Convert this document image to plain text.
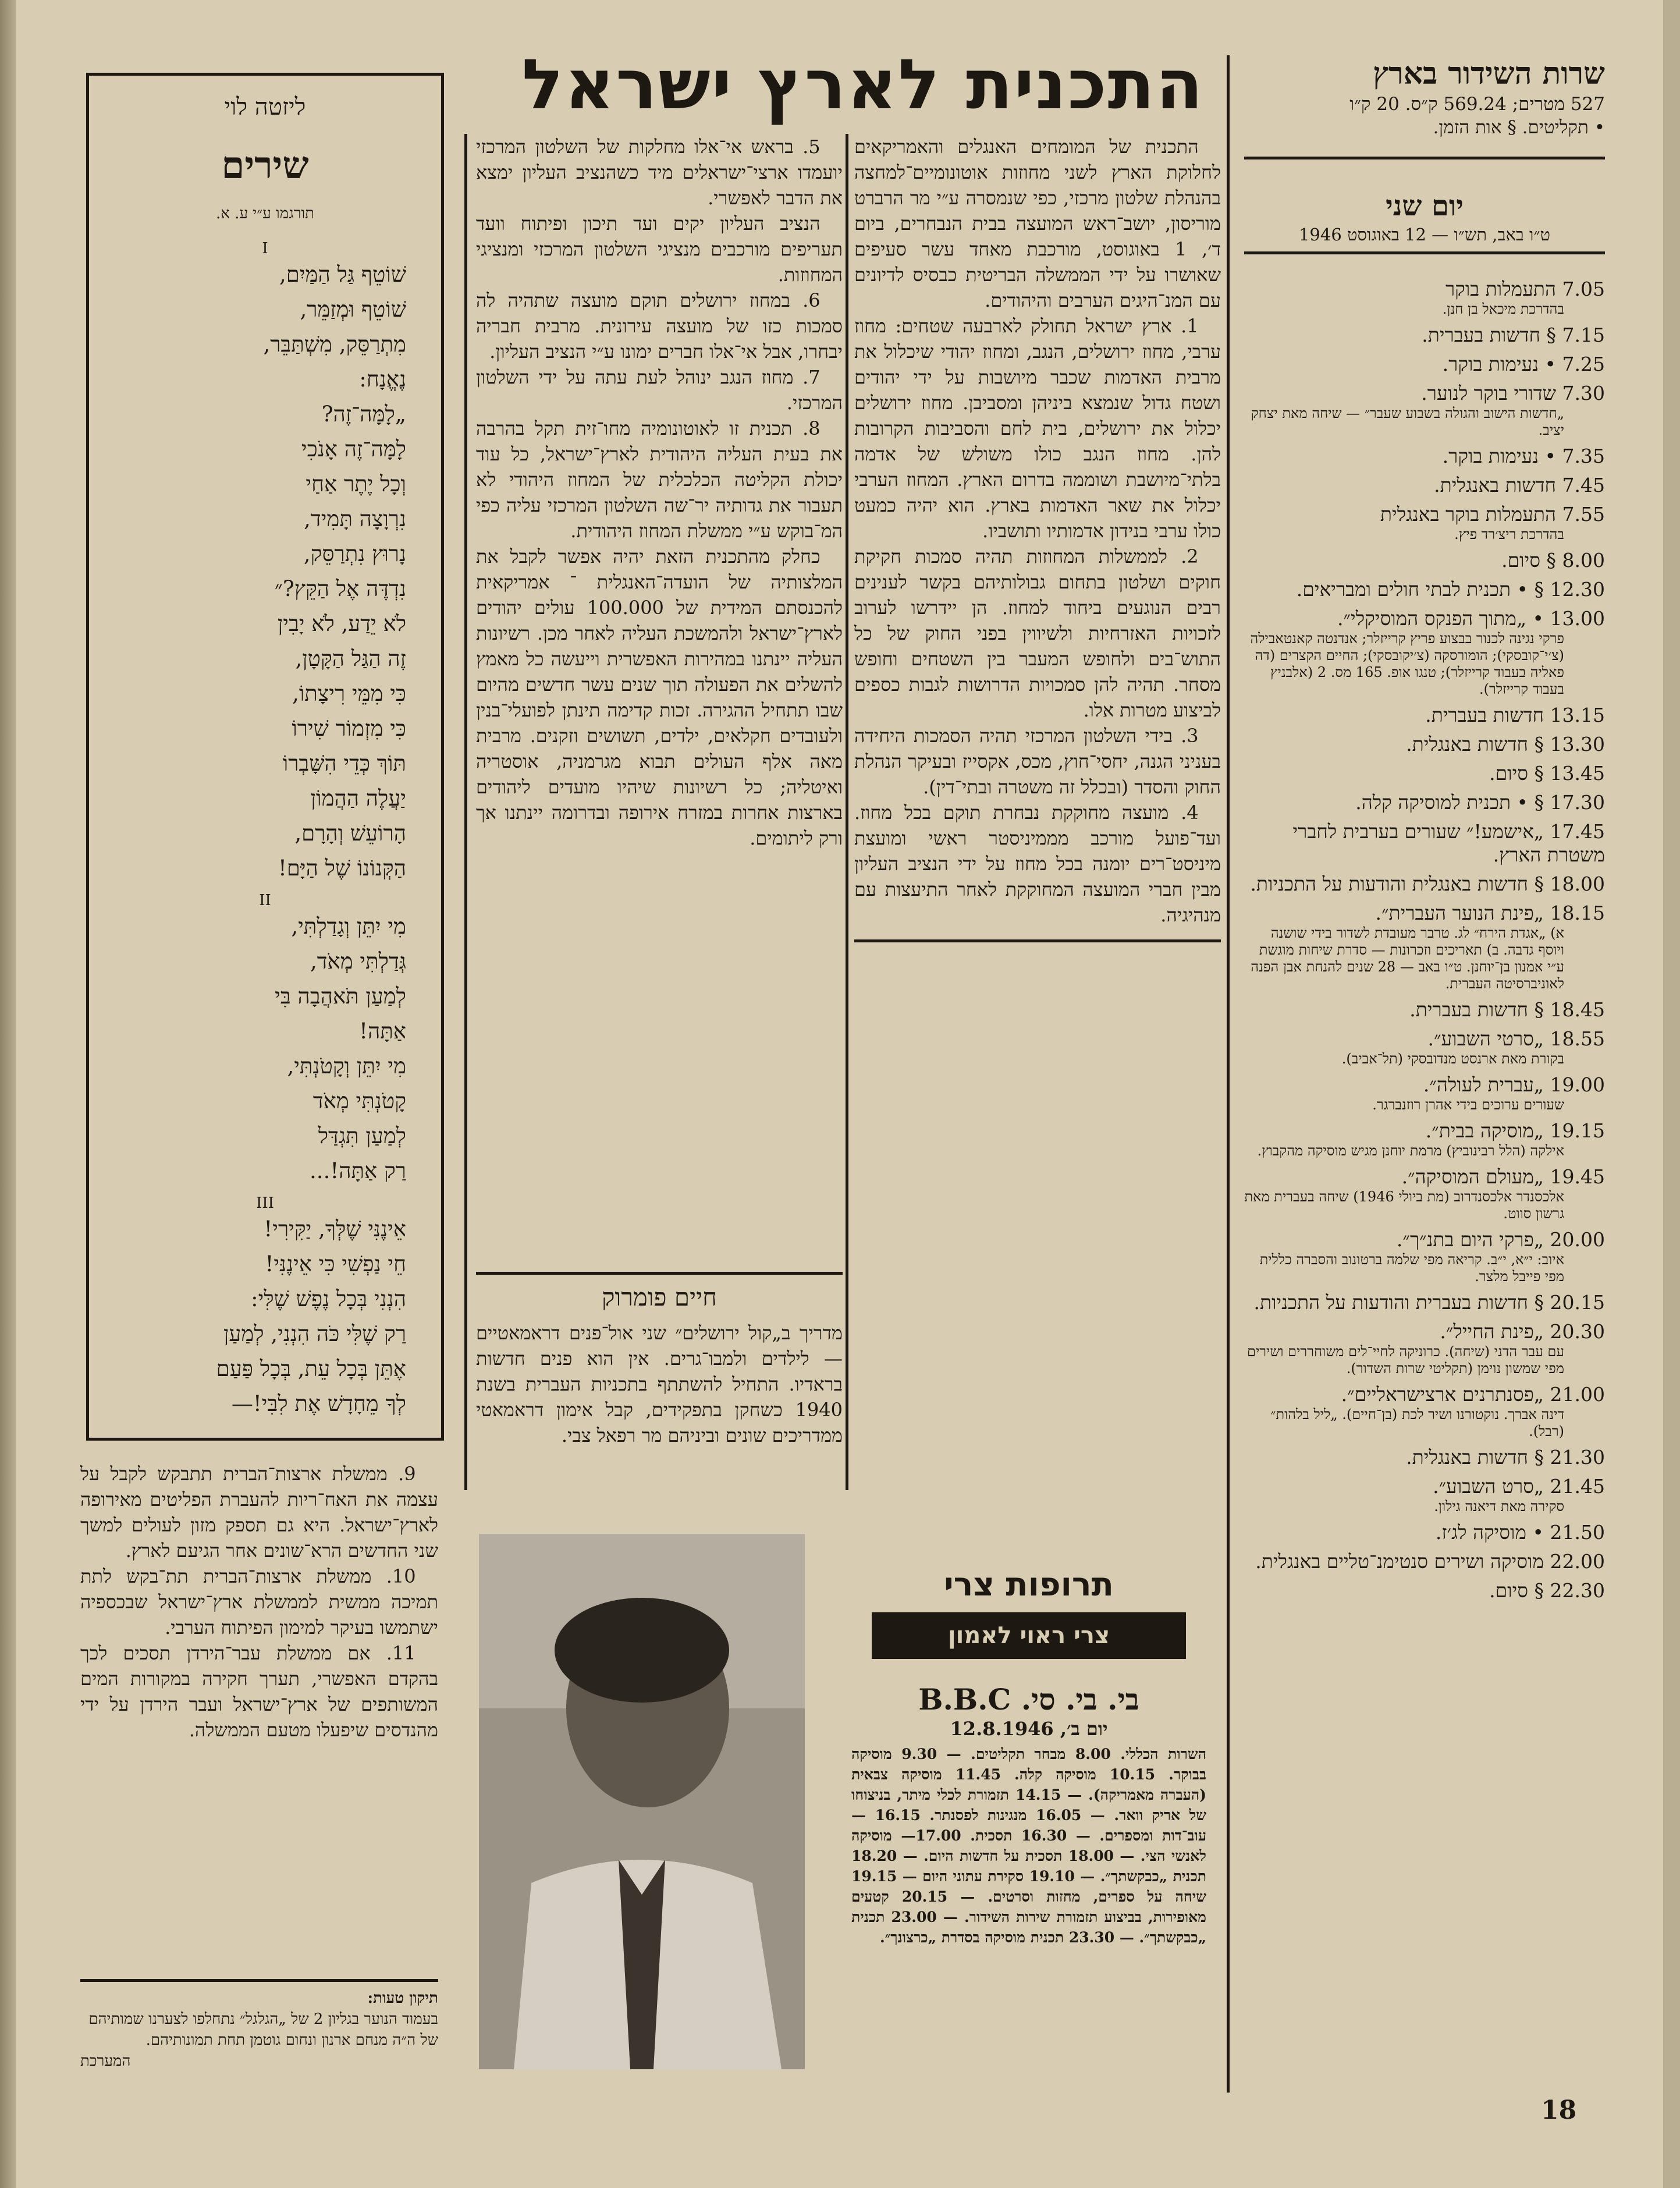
שרות השידור בארץ
527 מטרים; 569.24 ק״ס. 20 ק״ו
• תקליטים. § אות הזמן.
יום שני
ט״ו באב, תש״ו — 12 באוגוסט 1946
7.05 התעמלות בוקר
בהדרכת מיכאל בן חנן.
7.15 § חדשות בעברית.
7.25 • נעימות בוקר.
7.30 שדורי בוקר לנוער.
„חדשות הישוב והגולה בשבוע שעבר״ — שיחה מאת יצחק יציב.
7.35 • נעימות בוקר.
7.45 חדשות באנגלית.
7.55 התעמלות בוקר באנגלית
בהדרכת ריצ׳רד פיץ.
8.00 § סיום.
12.30 § • תכנית לבתי חולים ומבריאים.
13.00 • „מתוך הפנקס המוסיקלי״.
פרקי נגינה לכנור בבצוע פריץ קרייזלר; אנדנטה קאנטאבילה (צ׳י־קובסקי); הומורסקה (צ׳יקובסקי); החיים הקצרים (דה פאליה בעבוד קרייזלר); טנגו אופ. 165 מס. 2 (אלבניץ בעבוד קרייזלר).
13.15 חדשות בעברית.
13.30 § חדשות באנגלית.
13.45 § סיום.
17.30 § • תכנית למוסיקה קלה.
17.45 „אישמע!״ שעורים בערבית לחברי משטרת הארץ.
18.00 § חדשות באנגלית והודעות על התכניות.
18.15 „פינת הנוער העברית״.
א) „אגדת הירח״ לג. טרבר מעובדת לשדור בידי שושנה ויוסף גדבה. ב) תאריכים וזכרונות — סדרת שיחות מוגשת ע״י אמנון בן־יוחנן. ט״ו באב — 28 שנים להנחת אבן הפנה לאוניברסיטה העברית.
18.45 § חדשות בעברית.
18.55 „סרטי השבוע״.
בקורת מאת ארנסט מנדובסקי (תל־אביב).
19.00 „עברית לעולה״.
שעורים ערוכים בידי אהרן רוזנברגר.
19.15 „מוסיקה בבית״.
אילקה (הלל רבינוביץ) מרמת יוחנן מגיש מוסיקה מהקבוץ.
19.45 „מעולם המוסיקה״.
אלכסנדר אלכסנדרוב (מת ביולי 1946) שיחה בעברית מאת גרשון סווט.
20.00 „פרקי היום בתנ״ך״.
איוב: י״א, י״ב. קריאה מפי שלמה ברטונוב והסברה כללית מפי פייבל מלצר.
20.15 § חדשות בעברית והודעות על התכניות.
20.30 „פינת החייל״.
עם עבר הדני (שיחה). כרוניקה לחיי־לים משוחררים ושירים מפי שמשון נוימן (תקליטי שרות השדור).
21.00 „פסנתרנים ארצישראליים״.
דינה אברך. נוקטורנו ושיר לכת (בן־חיים). „ליל בלהות״ (רבל).
21.30 § חדשות באנגלית.
21.45 „סרט השבוע״.
סקירה מאת דיאנה גילון.
21.50 • מוסיקה לג׳ז.
22.00 מוסיקה ושירים סנטימנ־טליים באנגלית.
22.30 § סיום.
התכנית לארץ ישראל

התכנית של המומחים האנגלים והאמריקאים לחלוקת הארץ לשני מחוזות אוטונומיים־למחצה בהנהלת שלטון מרכזי, כפי שנמסרה ע״י מר הרברט מוריסון, יושב־ראש המועצה בבית הנבחרים, ביום ד׳, 1 באוגוסט, מורכבת מאחד עשר סעיפים שאושרו על ידי הממשלה הבריטית כבסיס לדיונים עם המנ־היגים הערבים והיהודים.

1. ארץ ישראל תחולק לארבעה שטחים: מחוז ערבי, מחוז ירושלים, הנגב, ומחוז יהודי שיכלול את מרבית האדמות שכבר מיושבות על ידי יהודים ושטח גדול שנמצא ביניהן ומסביבן. מחוז ירושלים יכלול את ירושלים, בית לחם והסביבות הקרובות להן. מחוז הנגב כולו משולש של אדמה בלתי־מיושבת ושוממה בדרום הארץ. המחוז הערבי יכלול את שאר האדמות בארץ. הוא יהיה כמעט כולו ערבי בנידון אדמותיו ותושביו.

2. לממשלות המחוזות תהיה סמכות חקיקת חוקים ושלטון בתחום גבולותיהם בקשר לענינים רבים הנוגעים ביחוד למחוז. הן יידרשו לערוב לזכויות האזרחיות ולשיווין בפני החוק של כל התוש־בים ולחופש המעבר בין השטחים וחופש מסחר. תהיה להן סמכויות הדרושות לגבות כספים לביצוע מטרות אלו.

3. בידי השלטון המרכזי תהיה הסמכות היחידה בעניני הגנה, יחסי־חוץ, מכס, אקסייז ובעיקר הנהלת החוק והסדר (ובכלל זה משטרה ובתי־דין).

4. מועצה מחוקקת נבחרת תוקם בכל מחוז. ועד־פועל מורכב מממיניסטר ראשי ומועצת מיניסט־רים יומנה בכל מחוז על ידי הנציב העליון מבין חברי המועצה המחוקקת לאחר התיעצות עם מנהיגיה.

5. בראש אי־אלו מחלקות של השלטון המרכזי יועמדו ארצי־ישראלים מיד כשהנציב העליון ימצא את הדבר לאפשרי.

הנציב העליון יקים ועד תיכון ופיתוח וועד תעריפים מורכבים מנציגי השלטון המרכזי ומנציגי המחוזות.

6. במחוז ירושלים תוקם מועצה שתהיה לה סמכות כזו של מועצה עירונית. מרבית חבריה יבחרו, אבל אי־אלו חברים ימונו ע״י הנציב העליון.

7. מחוז הנגב ינוהל לעת עתה על ידי השלטון המרכזי.

8. תכנית זו לאוטונומיה מחו־זית תקל בהרבה את בעית העליה היהודית לארץ־ישראל, כל עוד יכולת הקליטה הכלכלית של המחוז היהודי לא תעבור את גדותיה יר־שה השלטון המרכזי עליה כפי המ־בוקש ע״י ממשלת המחוז היהודית.

כחלק מהתכנית הזאת יהיה אפשר לקבל את המלצותיה של הועדה־האנגלית ־ אמריקאית להכנסתם המידית של 100.000 עולים יהודים לארץ־ישראל ולהמשכת העליה לאחר מכן. רשיונות העליה יינתנו במהירות האפשרית וייעשה כל מאמץ להשלים את הפעולה תוך שנים עשר חדשים מהיום שבו תתחיל ההגירה. זכות קדימה תינתן לפועלי־בנין ולעובדים חקלאים, ילדים, תשושים וזקנים. מרבית מאה אלף העולים תבוא מגרמניה, אוסטריה ואיטליה; כל רשיונות שיהיו מועדים ליהודים בארצות אחרות במזרח אירופה ובדרומה יינתנו אך ורק ליתומים.

ליזטה לוי
שירים
תורגמו ע״י ע. א.
I
שׁוֹטֵף גַּל הַמַּיִם,
שׁוֹטֵף וּמְזַמֵּר,
מִתְרַסֵּק, מִשְׁתַּבֵּר,
נֶאֱנָח:
„לָמָּה־זֶה?
לָמָּה־זֶה אָנֹכִי
וְכָל יֶתֶר אַחַי
נִרְוָצָה תָּמִיד,
נָרוּץ נִתְרַסֵּק,
נִדְדֶּה אֶל הַקֵּץ?״
לֹא יֵדַע, לֹא יָבִין
זֶה הַגַּל הַקָּטָן,
כִּי מִמֵּי רִיצָתוֹ,
כִּי מִזְמוֹר שִׁירוֹ
תּוֹךְ כְּדֵי הִשָּׁבְרוֹ
יַעֲלֶה הַהֲמוֹן
הָרוֹעֵשׁ וְהָרָם,
הַקְּנוֹנוֹ שֶׁל הַיָּם!
II
מִי יִתֵּן וְגָדַלְתִּי,
גְּדַלְתִּי מְאֹד,
לְמַעַן תֹּאהֲבָה בִּי
אַתָּה!
מִי יִתֵּן וְקָטֹנְתִּי,
קָטֹנְתִּי מְאֹד
לְמַעַן תִּגְדַּל
רַק אַתָּה!...
III
אֵינֶנִּי שֶׁלְּךָ, יַקִּירִי!
חֵי נַפְשִׁי כִּי אֵינֶנִּי!
הִנְנִי בְּכָל נֶפֶשׁ שֶׁלִּי:
רַק שֶׁלִּי כֹּה הִנְנִי, לְמַעַן
אֶתֵּן בְּכָל עֵת, בְּכָל פַּעַם
לְךָ מֵחָדָשׁ אֶת לִבִּי!—

9. ממשלת ארצות־הברית תתבקש לקבל על עצמה את האח־ריות להעברת הפליטים מאירופה לארץ־ישראל. היא גם תספק מזון לעולים למשך שני החדשים הרא־שונים אחר הגיעם לארץ.

10. ממשלת ארצות־הברית תת־בקש לתת תמיכה ממשית לממשלת ארץ־ישראל שבכספיה ישתמשו בעיקר למימון הפיתוח הערבי.

11. אם ממשלת עבר־הירדן תסכים לכך בהקדם האפשרי, תערך חקירה במקורות המים המשותפים של ארץ־ישראל ועבר הירדן על ידי מהנדסים שיפעלו מטעם הממשלה.

תיקון טעות:
בעמוד הנוער בגליון 2 של „הגלגל״ נתחלפו לצערנו שמותיהם של ה״ה מנחם ארנון ונחום גוטמן תחת תמונותיהם.
המערכת
חיים פומרוק
מדריך ב„קול ירושלים״ שני אול־פנים דראמאטיים — לילדים ולמבו־גרים. אין הוא פנים חדשות בראדיו. התחיל להשתתף בתכניות העברית בשנת 1940 כשחקן בתפקידים, קבל אימון דראמאטי ממדריכים שונים וביניהם מר רפאל צבי.
תרופות צרי
צרי ראוי לאמון
בי. בי. סי. B.B.C
יום ב׳, 12.8.1946
השרות הכללי. 8.00 מבחר תקליטים. — 9.30 מוסיקה בבוקר. 10.15 מוסיקה קלה. 11.45 מוסיקה צבאית (העברה מאמריקה). — 14.15 תזמורת לכלי מיתר, בניצוחו של אריק וואר. — 16.05 מנגינות לפסנתר. 16.15 — עוב־דות ומספרים. — 16.30 תסכית. 17.00— מוסיקה לאנשי הצי. — 18.00 תסכית על חדשות היום. — 18.20 תכנית „כבקשתך״. — 19.10 סקירת עתוני היום — 19.15 שיחה על ספרים, מחזות וסרטים. — 20.15 קטעים מאופירות, בביצוע תזמורת שירות השידור. — 23.00 תכנית „כבקשתך״. — 23.30 תכנית מוסיקה בסדרת „כרצונך״.
18
